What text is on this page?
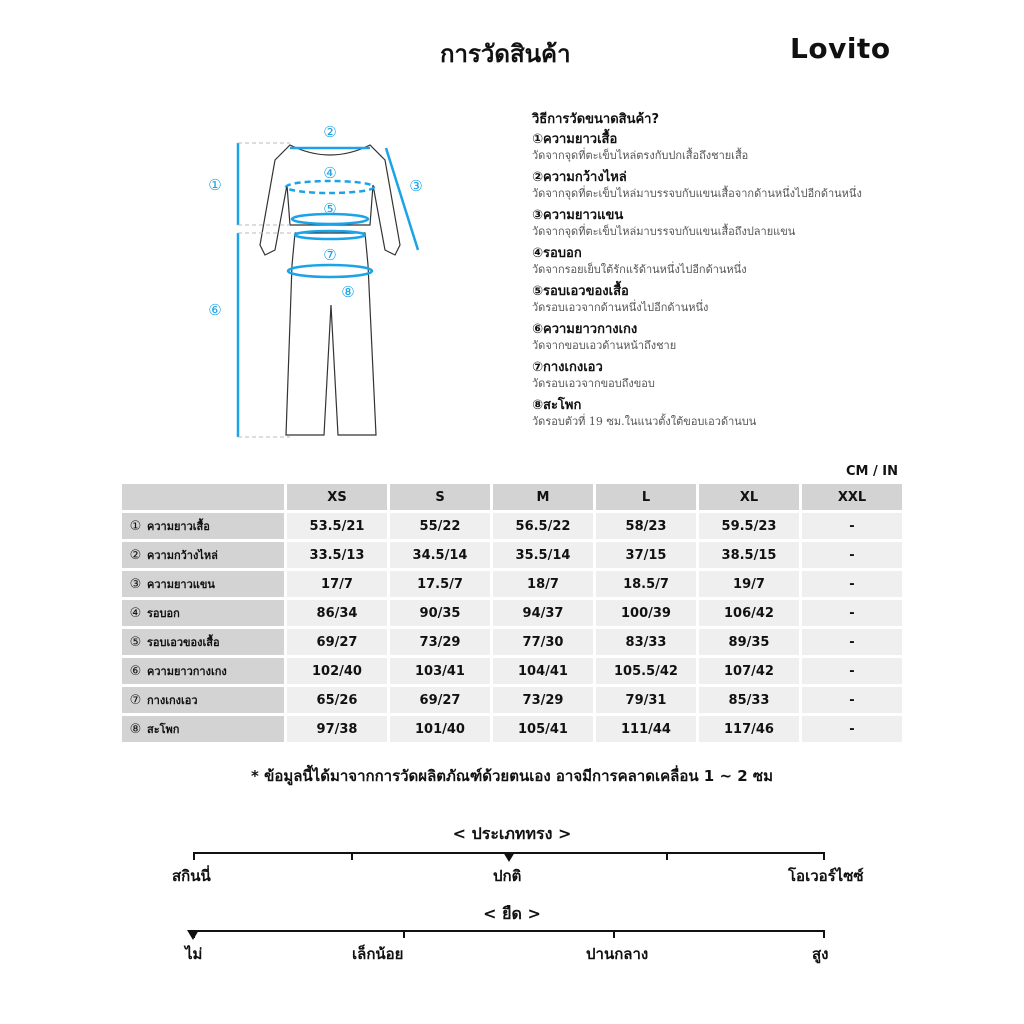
การวัดสินค้า	Lovito
②
①	③
④
⑤
⑦
⑧
⑥
วิธีการวัดขนาดสินค้า?
①ความยาวเสื้อ
วัดจากจุดที่ตะเข็บไหล่ตรงกับปกเสื้อถึงชายเสื้อ
②ความกว้างไหล่
วัดจากจุดที่ตะเข็บไหล่มาบรรจบกับแขนเสื้อจากด้านหนึ่งไปอีกด้านหนึ่ง
③ความยาวแขน
วัดจากจุดที่ตะเข็บไหล่มาบรรจบกับแขนเสื้อถึงปลายแขน
④รอบอก
วัดจากรอยเย็บใต้รักแร้ด้านหนึ่งไปอีกด้านหนึ่ง
⑤รอบเอวของเสื้อ
วัดรอบเอวจากด้านหนึ่งไปอีกด้านหนึ่ง
⑥ความยาวกางเกง
วัดจากขอบเอวด้านหน้าถึงชาย
⑦กางเกงเอว
วัดรอบเอวจากขอบถึงขอบ
⑧สะโพก
วัดรอบตัวที่ 19 ซม.ในแนวตั้งใต้ขอบเอวด้านบน
CM / IN
	XS	S	M	L	XL	XXL
① ความยาวเสื้อ	53.5/21	55/22	56.5/22	58/23	59.5/23	-
② ความกว้างไหล่	33.5/13	34.5/14	35.5/14	37/15	38.5/15	-
③ ความยาวแขน	17/7	17.5/7	18/7	18.5/7	19/7	-
④ รอบอก	86/34	90/35	94/37	100/39	106/42	-
⑤ รอบเอวของเสื้อ	69/27	73/29	77/30	83/33	89/35	-
⑥ ความยาวกางเกง	102/40	103/41	104/41	105.5/42	107/42	-
⑦ กางเกงเอว	65/26	69/27	73/29	79/31	85/33	-
⑧ สะโพก	97/38	101/40	105/41	111/44	117/46	-
* ข้อมูลนี้ได้มาจากการวัดผลิตภัณฑ์ด้วยตนเอง อาจมีการคลาดเคลื่อน 1 ~ 2 ซม
< ประเภททรง >
สกินนี่	ปกติ	โอเวอร์ไซซ์
< ยืด >
ไม่	เล็กน้อย	ปานกลาง	สูง
